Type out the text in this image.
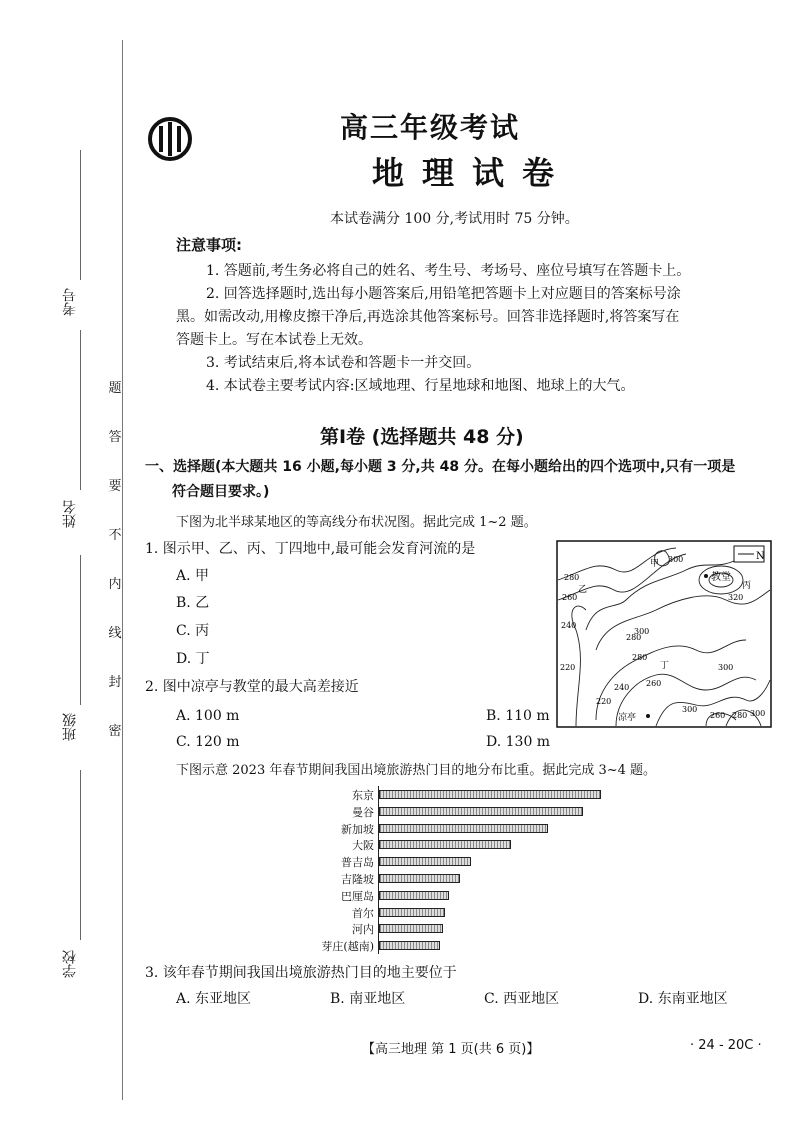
考号
姓名
班级
学校
题
答
要
不
内
线
封
密
高三年级考试
地理试卷
本试卷满分 100 分,考试用时 75 分钟。
注意事项:
1. 答题前,考生务必将自己的姓名、考生号、考场号、座位号填写在答题卡上。
2. 回答选择题时,选出每小题答案后,用铅笔把答题卡上对应题目的答案标号涂
黑。如需改动,用橡皮擦干净后,再选涂其他答案标号。回答非选择题时,将答案写在
答题卡上。写在本试卷上无效。
3. 考试结束后,将本试卷和答题卡一并交回。
4. 本试卷主要考试内容:区域地理、行星地球和地图、地球上的大气。
第Ⅰ卷 (选择题共 48 分)
一、选择题(本大题共 16 小题,每小题 3 分,共 48 分。在每小题给出的四个选项中,只有一项是
符合题目要求。)
下图为北半球某地区的等高线分布状况图。据此完成 1~2 题。
1. 图示甲、乙、丙、丁四地中,最可能会发育河流的是
A. 甲
B. 乙
C. 丙
D. 丁
2. 图中凉亭与教堂的最大高差接近
A. 100 m	B. 110 m
C. 120 m	D. 130 m
N
教堂
凉亭
甲
乙	丙
丁
280
260
240
220
280
300
320
300
280
260
240
220
260 280 300
300
300
下图示意 2023 年春节期间我国出境旅游热门目的地分布比重。据此完成 3~4 题。
东京
曼谷
新加坡
大阪
普吉岛
吉隆坡
巴厘岛
首尔
河内
芽庄(越南)
3. 该年春节期间我国出境旅游热门目的地主要位于
A. 东亚地区	B. 南亚地区	C. 西亚地区	D. 东南亚地区
【高三地理 第 1 页(共 6 页)】	· 24 - 20C ·
